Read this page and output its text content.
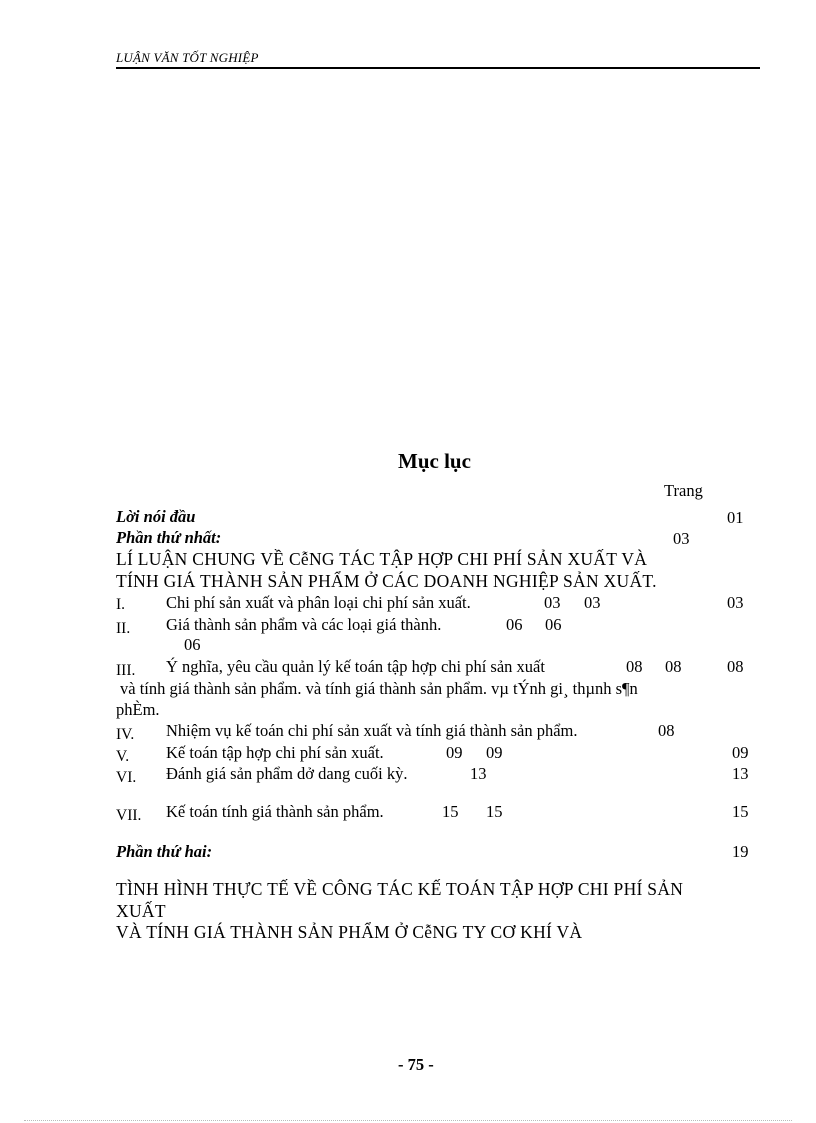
LUẬN VĂN TỐT NGHIỆP
Mục lục
Trang
Lời nói đầu	01
Phần thứ nhất:	03
LÍ LUẬN CHUNG VỀ CễNG TÁC TẬP HỢP CHI PHÍ SẢN XUẤT VÀ
TÍNH GIÁ THÀNH SẢN PHẨM Ở CÁC DOANH NGHIỆP SẢN XUẤT.
I. Chi phí sản xuất và phân loại chi phí sản xuất.	03 03	03
II. Giá thành sản phẩm và các loại giá thành.	06 06
06
III. Ý nghĩa, yêu cầu quản lý kế toán tập hợp chi phí sản xuất	08 08	08
và tính giá thành sản phẩm. và tính giá thành sản phẩm. vµ tÝnh gi¸ thµnh s¶n
phÈm.
IV. Nhiệm vụ kế toán chi phí sản xuất và tính giá thành sản phẩm.	08
V. Kế toán tập hợp chi phí sản xuất.	09 09	09
VI. Đánh giá sản phẩm dở dang cuối kỳ.	13	13
VII. Kế toán tính giá thành sản phẩm.	15 15	15
Phần thứ hai:	19
TÌNH HÌNH THỰC TẾ VỀ CÔNG TÁC KẾ TOÁN TẬP HỢP CHI PHÍ SẢN
XUẤT
VÀ TÍNH GIÁ THÀNH SẢN PHẨM Ở CễNG TY CƠ KHÍ VÀ
- 75 -
